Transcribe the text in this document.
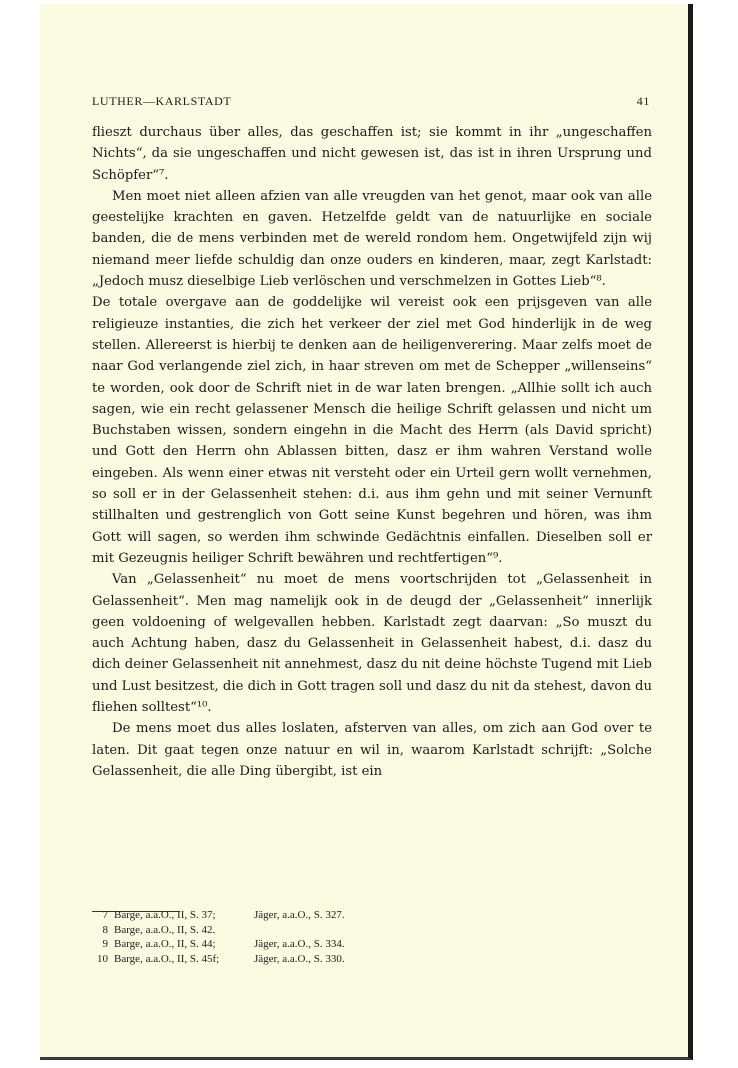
LUTHER—KARLSTADT	41

flieszt durchaus über alles, das geschaffen ist; sie kommt in ihr „ungeschaffen Nichts“, da sie ungeschaffen und nicht gewesen ist, das ist in ihren Ursprung und Schöpfer“⁷.

Men moet niet alleen afzien van alle vreugden van het genot, maar ook van alle geestelijke krachten en gaven. Hetzelfde geldt van de natuurlijke en sociale banden, die de mens verbinden met de wereld rondom hem. Ongetwijfeld zijn wij niemand meer liefde schuldig dan onze ouders en kinderen, maar, zegt Karlstadt: „Jedoch musz dieselbige Lieb verlöschen und verschmelzen in Gottes Lieb“⁸.

De totale overgave aan de goddelijke wil vereist ook een prijsgeven van alle religieuze instanties, die zich het verkeer der ziel met God hinderlijk in de weg stellen. Allereerst is hierbij te denken aan de heiligenverering. Maar zelfs moet de naar God verlangende ziel zich, in haar streven om met de Schepper „willenseins“ te worden, ook door de Schrift niet in de war laten brengen. „Allhie sollt ich auch sagen, wie ein recht gelassener Mensch die heilige Schrift gelassen und nicht um Buchstaben wissen, sondern eingehn in die Macht des Herrn (als David spricht) und Gott den Herrn ohn Ablassen bitten, dasz er ihm wahren Verstand wolle eingeben. Als wenn einer etwas nit versteht oder ein Urteil gern wollt vernehmen, so soll er in der Gelassenheit stehen: d.i. aus ihm gehn und mit seiner Vernunft stillhalten und gestrenglich von Gott seine Kunst begehren und hören, was ihm Gott will sagen, so werden ihm schwinde Gedächtnis einfallen. Dieselben soll er mit Gezeugnis heiliger Schrift bewähren und rechtfertigen“⁹.

Van „Gelassenheit“ nu moet de mens voortschrijden tot „Gelassenheit in Gelassenheit“. Men mag namelijk ook in de deugd der „Gelassenheit“ innerlijk geen voldoening of welgevallen hebben. Karlstadt zegt daarvan: „So muszt du auch Achtung haben, dasz du Gelassenheit in Gelassenheit habest, d.i. dasz du dich deiner Gelassenheit nit annehmest, dasz du nit deine höchste Tugend mit Lieb und Lust besitzest, die dich in Gott tragen soll und dasz du nit da stehest, davon du fliehen solltest“¹⁰.

De mens moet dus alles loslaten, afsterven van alles, om zich aan God over te laten. Dit gaat tegen onze natuur en wil in, waarom Karlstadt schrijft: „Solche Gelassenheit, die alle Ding übergibt, ist ein

7 Barge, a.a.O., II, S. 37;	Jäger, a.a.O., S. 327.
8 Barge, a.a.O., II, S. 42.
9 Barge, a.a.O., II, S. 44;	Jäger, a.a.O., S. 334.
10 Barge, a.a.O., II, S. 45f;	Jäger, a.a.O., S. 330.
